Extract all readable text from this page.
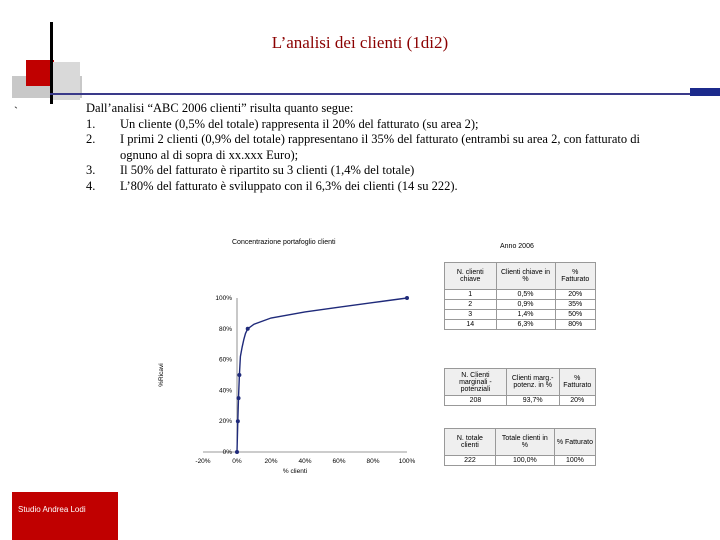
L’analisi dei clienti (1di2)
`	Dall’analisi “ABC 2006 clienti” risulta quanto segue:

1.	Un cliente (0,5% del totale) rappresenta il 20% del fatturato (su area 2);
2.	I primi 2 clienti (0,9% del totale) rappresentano il 35% del fatturato (entrambi su area 2, con fatturato di ognuno al di sopra di xx.xxx Euro);
3.	Il 50% del fatturato è ripartito su 3 clienti (1,4% del totale)
4.	L’80% del fatturato è sviluppato con il 6,3% dei clienti (14 su 222).
Concentrazione portafoglio clienti
-20%	0%	20%	40%	60%	80%	100%
0%
20%
40%
60%
80%
100%
% clienti
%Ricavi
Anno 2006
N. clienti chiave	Clienti chiave in %	% Fatturato
1	0,5%	20%
2	0,9%	35%
3	1,4%	50%
14	6,3%	80%
N. Clienti marginali - potenziali	Clienti marg.- potenz. in %	% Fatturato
208	93,7%	20%
N. totale clienti	Totale clienti in %	% Fatturato
222	100,0%	100%
Studio Andrea Lodi
